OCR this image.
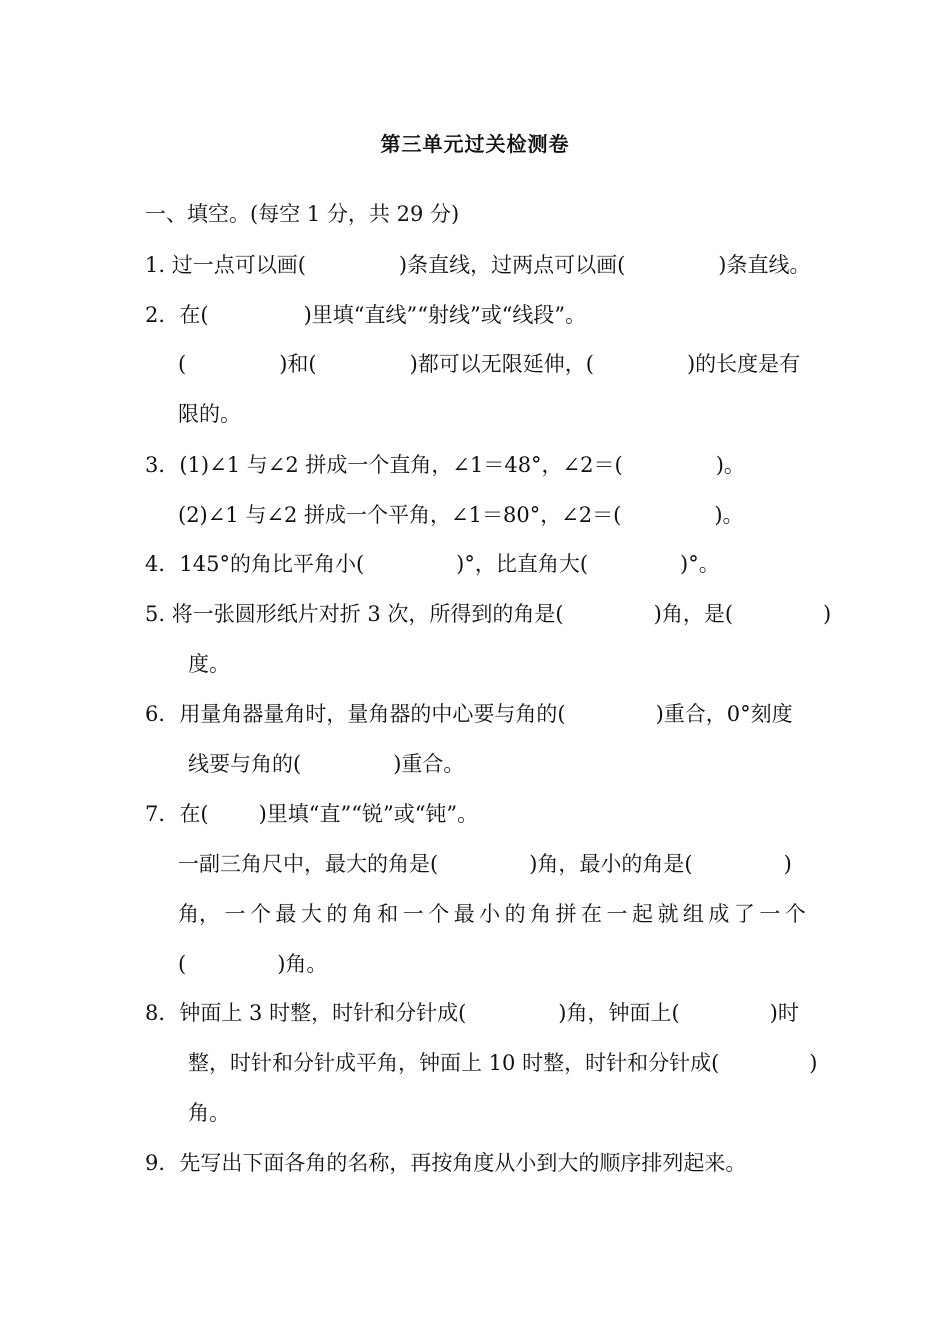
第三单元过关检测卷
一、填空。(每空 1 分，共 29 分)
1. 过一点可以画(	)条直线，过两点可以画(	)条直线。
2．在(	)里填“直线”“射线”或“线段”。
(	)和(	)都可以无限延伸，(	)的长度是有
限的。
3．(1)∠1 与∠2 拼成一个直角，∠1＝48°，∠2＝(	)。
(2)∠1 与∠2 拼成一个平角，∠1＝80°，∠2＝(	)。
4．145°的角比平角小(	)°，比直角大(	)°。
5. 将一张圆形纸片对折 3 次，所得到的角是(	)角，是(	)
度。
6．用量角器量角时，量角器的中心要与角的(	)重合，0°刻度
线要与角的(	)重合。
7．在( )里填“直”“锐”或“钝”。
一副三角尺中，最大的角是(	)角，最小的角是(	)
角， 一 个 最 大 的 角 和 一 个 最 小 的 角 拼 在 一 起 就 组 成 了 一 个
(	)角。
8．钟面上 3 时整，时针和分针成(	)角，钟面上(	)时
整，时针和分针成平角，钟面上 10 时整，时针和分针成(	)
角。
9．先写出下面各角的名称，再按角度从小到大的顺序排列起来。
